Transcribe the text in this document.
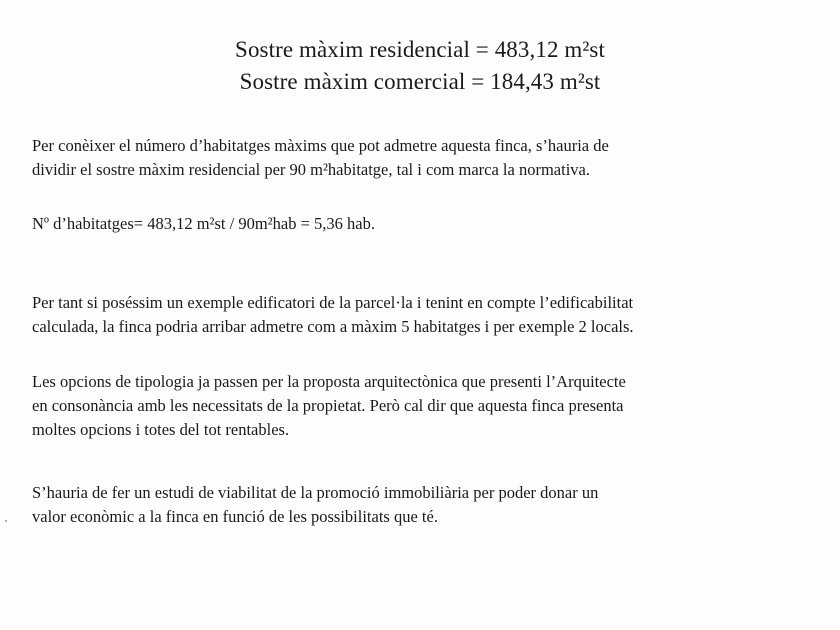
Sostre màxim residencial = 483,12 m²st
Sostre màxim comercial = 184,43 m²st
Per conèixer el número d’habitatges màxims que pot admetre aquesta finca, s’hauria de
dividir el sostre màxim residencial per 90 m²habitatge, tal i com marca la normativa.
Nº d’habitatges= 483,12 m²st / 90m²hab = 5,36 hab.
Per tant si poséssim un exemple edificatori de la parcel·la i tenint en compte l’edificabilitat
calculada, la finca podria arribar admetre com a màxim 5 habitatges i per exemple 2 locals.
Les opcions de tipologia ja passen per la proposta arquitectònica que presenti l’Arquitecte
en consonància amb les necessitats de la propietat. Però cal dir que aquesta finca presenta
moltes opcions i totes del tot rentables.
S’hauria de fer un estudi de viabilitat de la promoció immobiliària per poder donar un
valor econòmic a la finca en funció de les possibilitats que té.
